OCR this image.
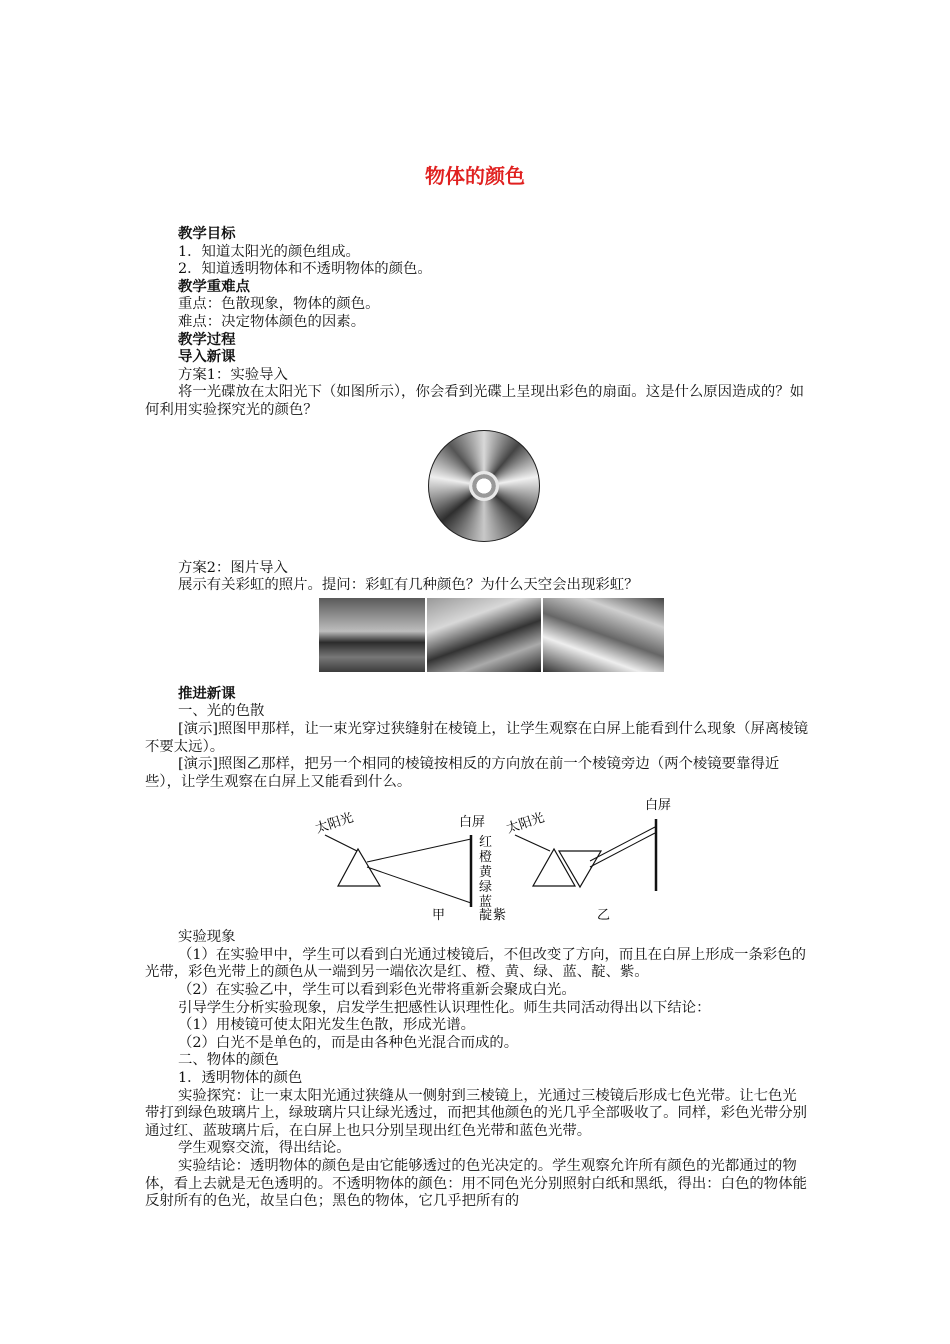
物体的颜色

教学目标

1．知道太阳光的颜色组成。

2．知道透明物体和不透明物体的颜色。

教学重难点

重点：色散现象，物体的颜色。

难点：决定物体颜色的因素。

教学过程

导入新课

方案1：实验导入

将一光碟放在太阳光下（如图所示），你会看到光碟上呈现出彩色的扇面。这是什么原因造成的？如何利用实验探究光的颜色？

方案2：图片导入

展示有关彩虹的照片。提问：彩虹有几种颜色？为什么天空会出现彩虹？

推进新课

一、光的色散

[演示]照图甲那样，让一束光穿过狭缝射在棱镜上，让学生观察在白屏上能看到什么现象（屏离棱镜不要太远）。

[演示]照图乙那样，把另一个相同的棱镜按相反的方向放在前一个棱镜旁边（两个棱镜要靠得近些），让学生观察在白屏上又能看到什么。

太阳光	白屏
红
橙
黄
绿
蓝
靛
甲
太阳光
白屏
乙
紫

实验现象

（1）在实验甲中，学生可以看到白光通过棱镜后，不但改变了方向，而且在白屏上形成一条彩色的光带，彩色光带上的颜色从一端到另一端依次是红、橙、黄、绿、蓝、靛、紫。

（2）在实验乙中，学生可以看到彩色光带将重新会聚成白光。

引导学生分析实验现象，启发学生把感性认识理性化。师生共同活动得出以下结论：

（1）用棱镜可使太阳光发生色散，形成光谱。

（2）白光不是单色的，而是由各种色光混合而成的。

二、物体的颜色

1．透明物体的颜色

实验探究：让一束太阳光通过狭缝从一侧射到三棱镜上，光通过三棱镜后形成七色光带。让七色光带打到绿色玻璃片上，绿玻璃片只让绿光透过，而把其他颜色的光几乎全部吸收了。同样，彩色光带分别通过红、蓝玻璃片后，在白屏上也只分别呈现出红色光带和蓝色光带。

学生观察交流，得出结论。

实验结论：透明物体的颜色是由它能够透过的色光决定的。学生观察允许所有颜色的光都通过的物体，看上去就是无色透明的。不透明物体的颜色：用不同色光分别照射白纸和黑纸，得出：白色的物体能反射所有的色光，故呈白色；黑色的物体，它几乎把所有的
